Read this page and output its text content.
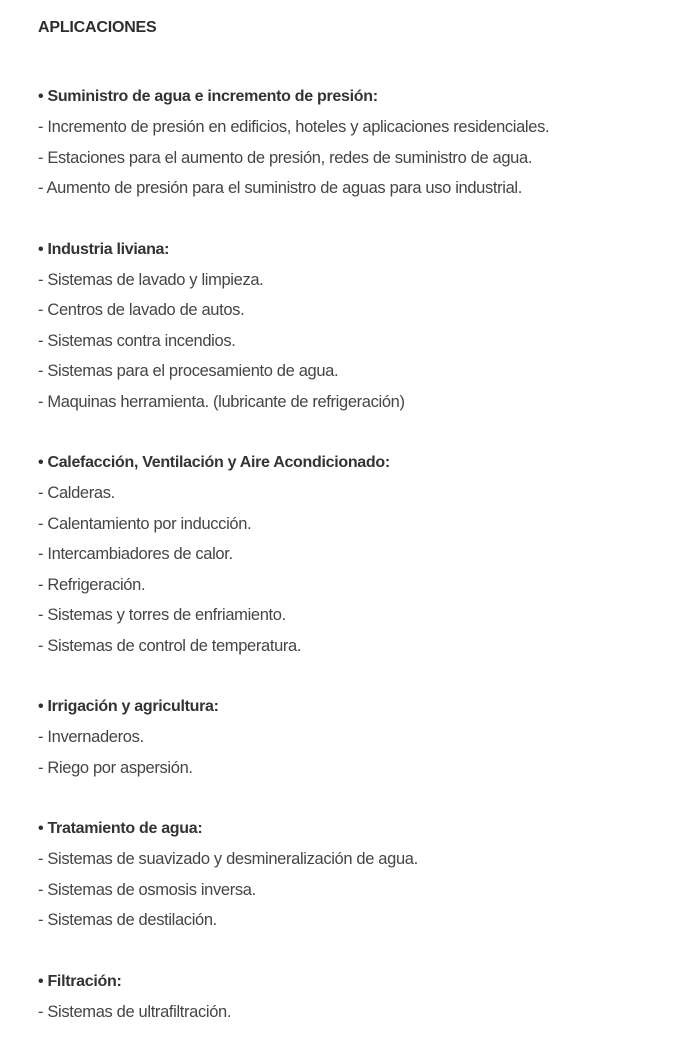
APLICACIONES

• Suministro de agua e incremento de presión:

- Incremento de presión en edificios, hoteles y aplicaciones residenciales.
- Estaciones para el aumento de presión, redes de suministro de agua.
- Aumento de presión para el suministro de aguas para uso industrial.

• Industria liviana:

- Sistemas de lavado y limpieza.
- Centros de lavado de autos.
- Sistemas contra incendios.
- Sistemas para el procesamiento de agua.
- Maquinas herramienta. (lubricante de refrigeración)

• Calefacción, Ventilación y Aire Acondicionado:

- Calderas.
- Calentamiento por inducción.
- Intercambiadores de calor.
- Refrigeración.
- Sistemas y torres de enfriamiento.
- Sistemas de control de temperatura.

• Irrigación y agricultura:

- Invernaderos.
- Riego por aspersión.

• Tratamiento de agua:

- Sistemas de suavizado y desmineralización de agua.
- Sistemas de osmosis inversa.
- Sistemas de destilación.

• Filtración:

- Sistemas de ultrafiltración.
